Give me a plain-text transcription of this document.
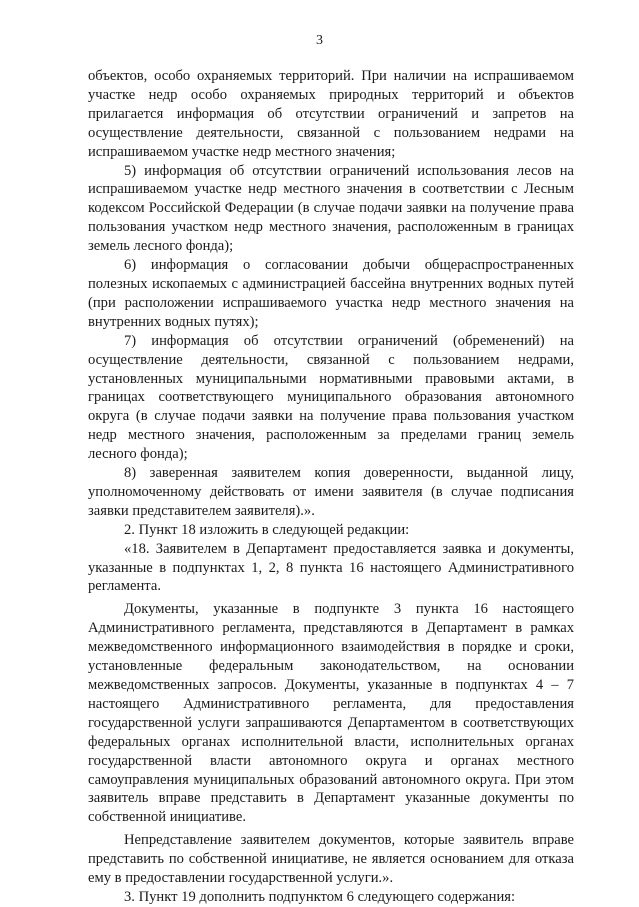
3

объектов, особо охраняемых территорий. При наличии на испрашиваемом участке недр особо охраняемых природных территорий и объектов прилагается информация об отсутствии ограничений и запретов на осуществление деятельности, связанной с пользованием недрами на испрашиваемом участке недр местного значения;

5) информация об отсутствии ограничений использования лесов на испрашиваемом участке недр местного значения в соответствии с Лесным кодексом Российской Федерации (в случае подачи заявки на получение права пользования участком недр местного значения, расположенным в границах земель лесного фонда);

6) информация о согласовании добычи общераспространенных полезных ископаемых с администрацией бассейна внутренних водных путей (при расположении испрашиваемого участка недр местного значения на внутренних водных путях);

7) информация об отсутствии ограничений (обременений) на осуществление деятельности, связанной с пользованием недрами, установленных муниципальными нормативными правовыми актами, в границах соответствующего муниципального образования автономного округа (в случае подачи заявки на получение права пользования участком недр местного значения, расположенным за пределами границ земель лесного фонда);

8) заверенная заявителем копия доверенности, выданной лицу, уполномоченному действовать от имени заявителя (в случае подписания заявки представителем заявителя).».

2. Пункт 18 изложить в следующей редакции:

«18. Заявителем в Департамент предоставляется заявка и документы, указанные в подпунктах 1, 2, 8 пункта 16 настоящего Административного регламента.

Документы, указанные в подпункте 3 пункта 16 настоящего Административного регламента, представляются в Департамент в рамках межведомственного информационного взаимодействия в порядке и сроки, установленные федеральным законодательством, на основании межведомственных запросов. Документы, указанные в подпунктах 4 – 7 настоящего Административного регламента, для предоставления государственной услуги запрашиваются Департаментом в соответствующих федеральных органах исполнительной власти, исполнительных органах государственной власти автономного округа и органах местного самоуправления муниципальных образований автономного округа. При этом заявитель вправе представить в Департамент указанные документы по собственной инициативе.

Непредставление заявителем документов, которые заявитель вправе представить по собственной инициативе, не является основанием для отказа ему в предоставлении государственной услуги.».

3. Пункт 19 дополнить подпунктом 6 следующего содержания:
